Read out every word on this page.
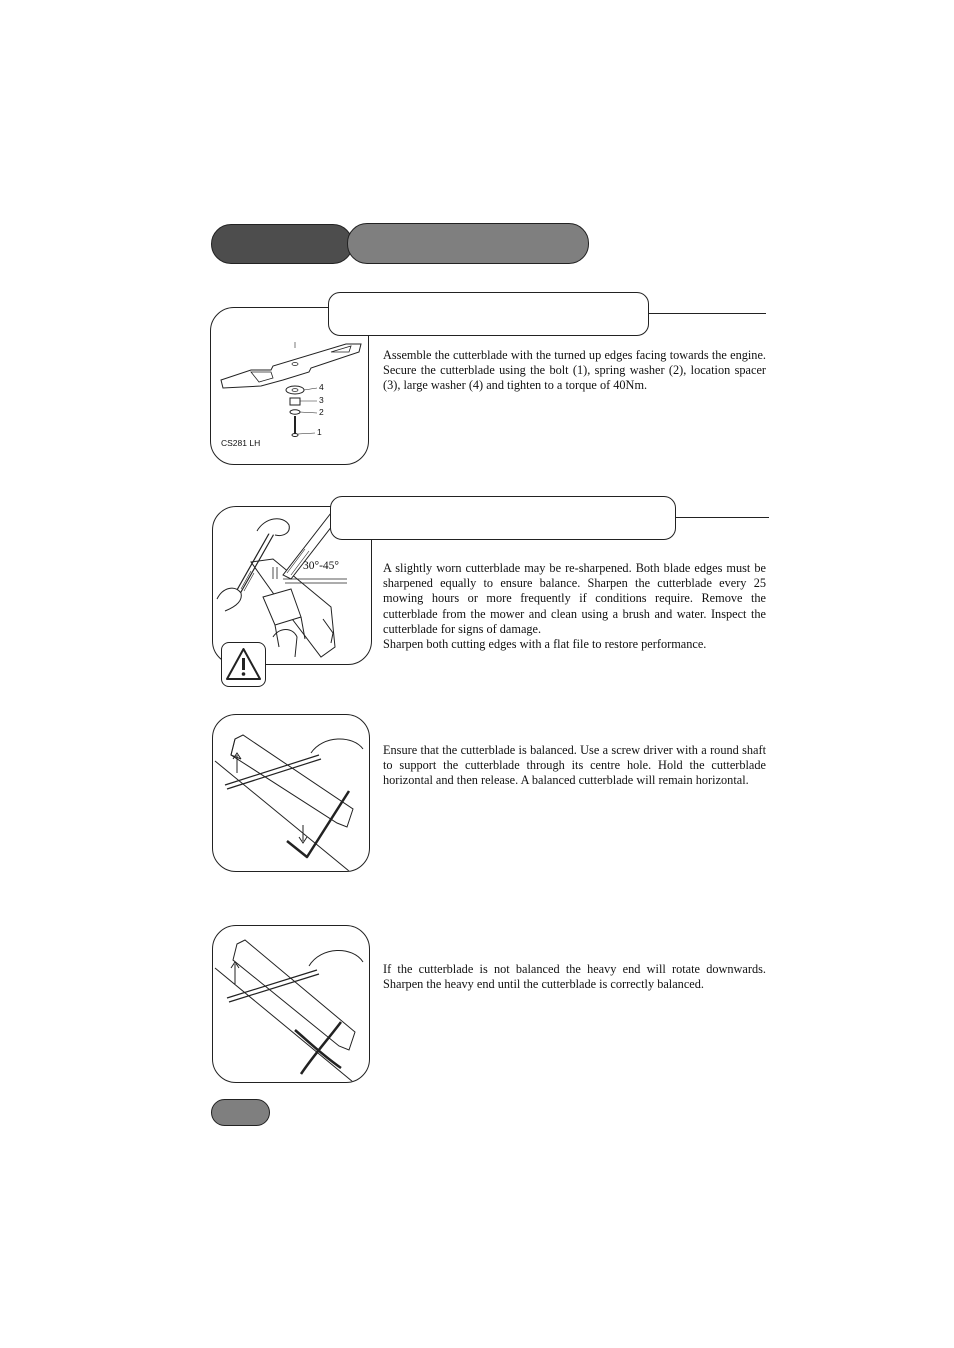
4
3
2
1
CS281 LH

Assemble the cutterblade with the turned up edges facing towards the engine. Secure the cutterblade using the bolt (1), spring washer (2), location spacer (3), large washer (4) and tighten to a torque of 40Nm.

30°-45°	A slightly worn cutterblade may be re-sharpened. Both blade edges must be sharpened equally to ensure balance. Sharpen the cutterblade every 25 mowing hours or more frequently if conditions require. Remove the cutterblade from the mower and clean using a brush and water. Inspect the cutterblade for signs of damage.

Sharpen both cutting edges with a flat file to restore performance.

Ensure that the cutterblade is balanced. Use a screw driver with a round shaft to support the cutterblade through its centre hole. Hold the cutterblade horizontal and then release. A balanced cutterblade will remain horizontal.

If the cutterblade is not balanced the heavy end will rotate downwards. Sharpen the heavy end until the cutterblade is correctly balanced.
